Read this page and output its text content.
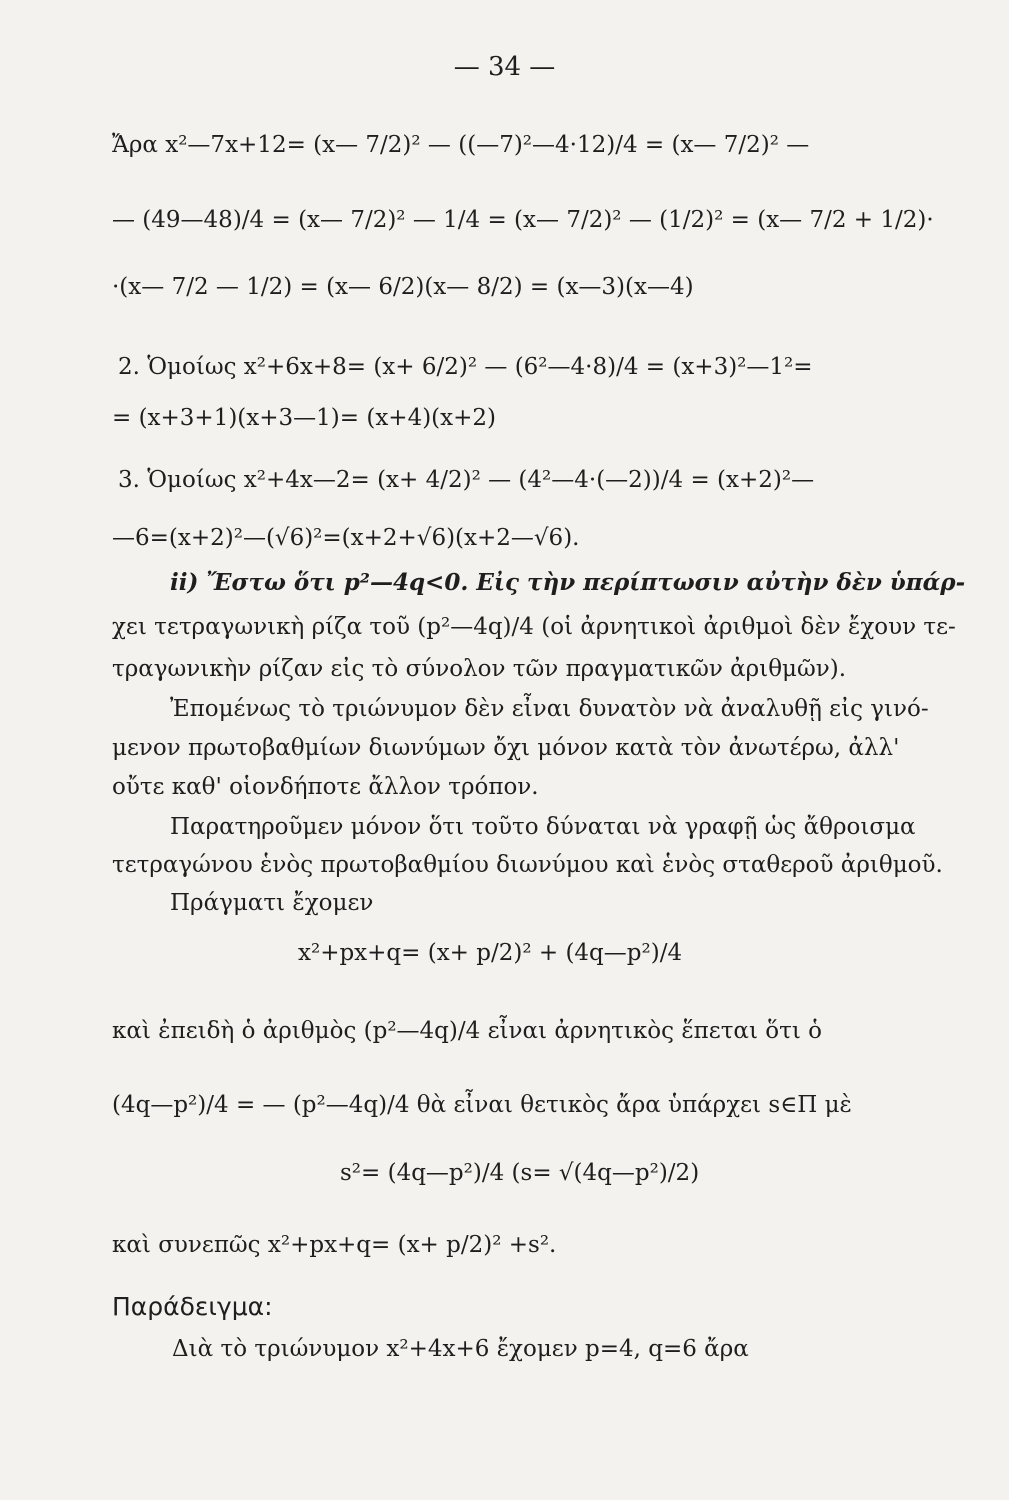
— 34 —
Ἄρα x²—7x+12= (x— 7/2)² — ((—7)²—4·12)/4 = (x— 7/2)² —
— (49—48)/4 = (x— 7/2)² — 1/4 = (x— 7/2)² — (1/2)² = (x— 7/2 + 1/2)·
·(x— 7/2 — 1/2) = (x— 6/2)(x— 8/2) = (x—3)(x—4)
2. Ὁμοίως x²+6x+8= (x+ 6/2)² — (6²—4·8)/4 = (x+3)²—1²=
= (x+3+1)(x+3—1)= (x+4)(x+2)
3. Ὁμοίως x²+4x—2= (x+ 4/2)² — (4²—4·(—2))/4 = (x+2)²—
—6=(x+2)²—(√6)²=(x+2+√6)(x+2—√6).
ii) Ἔστω ὅτι p²—4q<0. Εἰς τὴν περίπτωσιν αὐτὴν δὲν ὑπάρ-
χει τετραγωνικὴ ρίζα τοῦ (p²—4q)/4 (οἱ ἀρνητικοὶ ἀριθμοὶ δὲν ἔχουν τε-
τραγωνικὴν ρίζαν εἰς τὸ σύνολον τῶν πραγματικῶν ἀριθμῶν).
Ἐπομένως τὸ τριώνυμον δὲν εἶναι δυνατὸν νὰ ἀναλυθῇ εἰς γινό-
μενον πρωτοβαθμίων διωνύμων ὄχι μόνον κατὰ τὸν ἀνωτέρω, ἀλλ'
οὔτε καθ' οἱονδήποτε ἄλλον τρόπον.
Παρατηροῦμεν μόνον ὅτι τοῦτο δύναται νὰ γραφῇ ὡς ἄθροισμα
τετραγώνου ἑνὸς πρωτοβαθμίου διωνύμου καὶ ἑνὸς σταθεροῦ ἀριθμοῦ.
Πράγματι ἔχομεν
x²+px+q= (x+ p/2)² + (4q—p²)/4
καὶ ἐπειδὴ ὁ ἀριθμὸς (p²—4q)/4 εἶναι ἀρνητικὸς ἕπεται ὅτι ὁ
(4q—p²)/4 = — (p²—4q)/4 θὰ εἶναι θετικὸς ἄρα ὑπάρχει s∈Π μὲ
s²= (4q—p²)/4 (s= √(4q—p²)/2)
καὶ συνεπῶς x²+px+q= (x+ p/2)² +s².
Παράδειγμα:
Διὰ τὸ τριώνυμον x²+4x+6 ἔχομεν p=4, q=6 ἄρα
